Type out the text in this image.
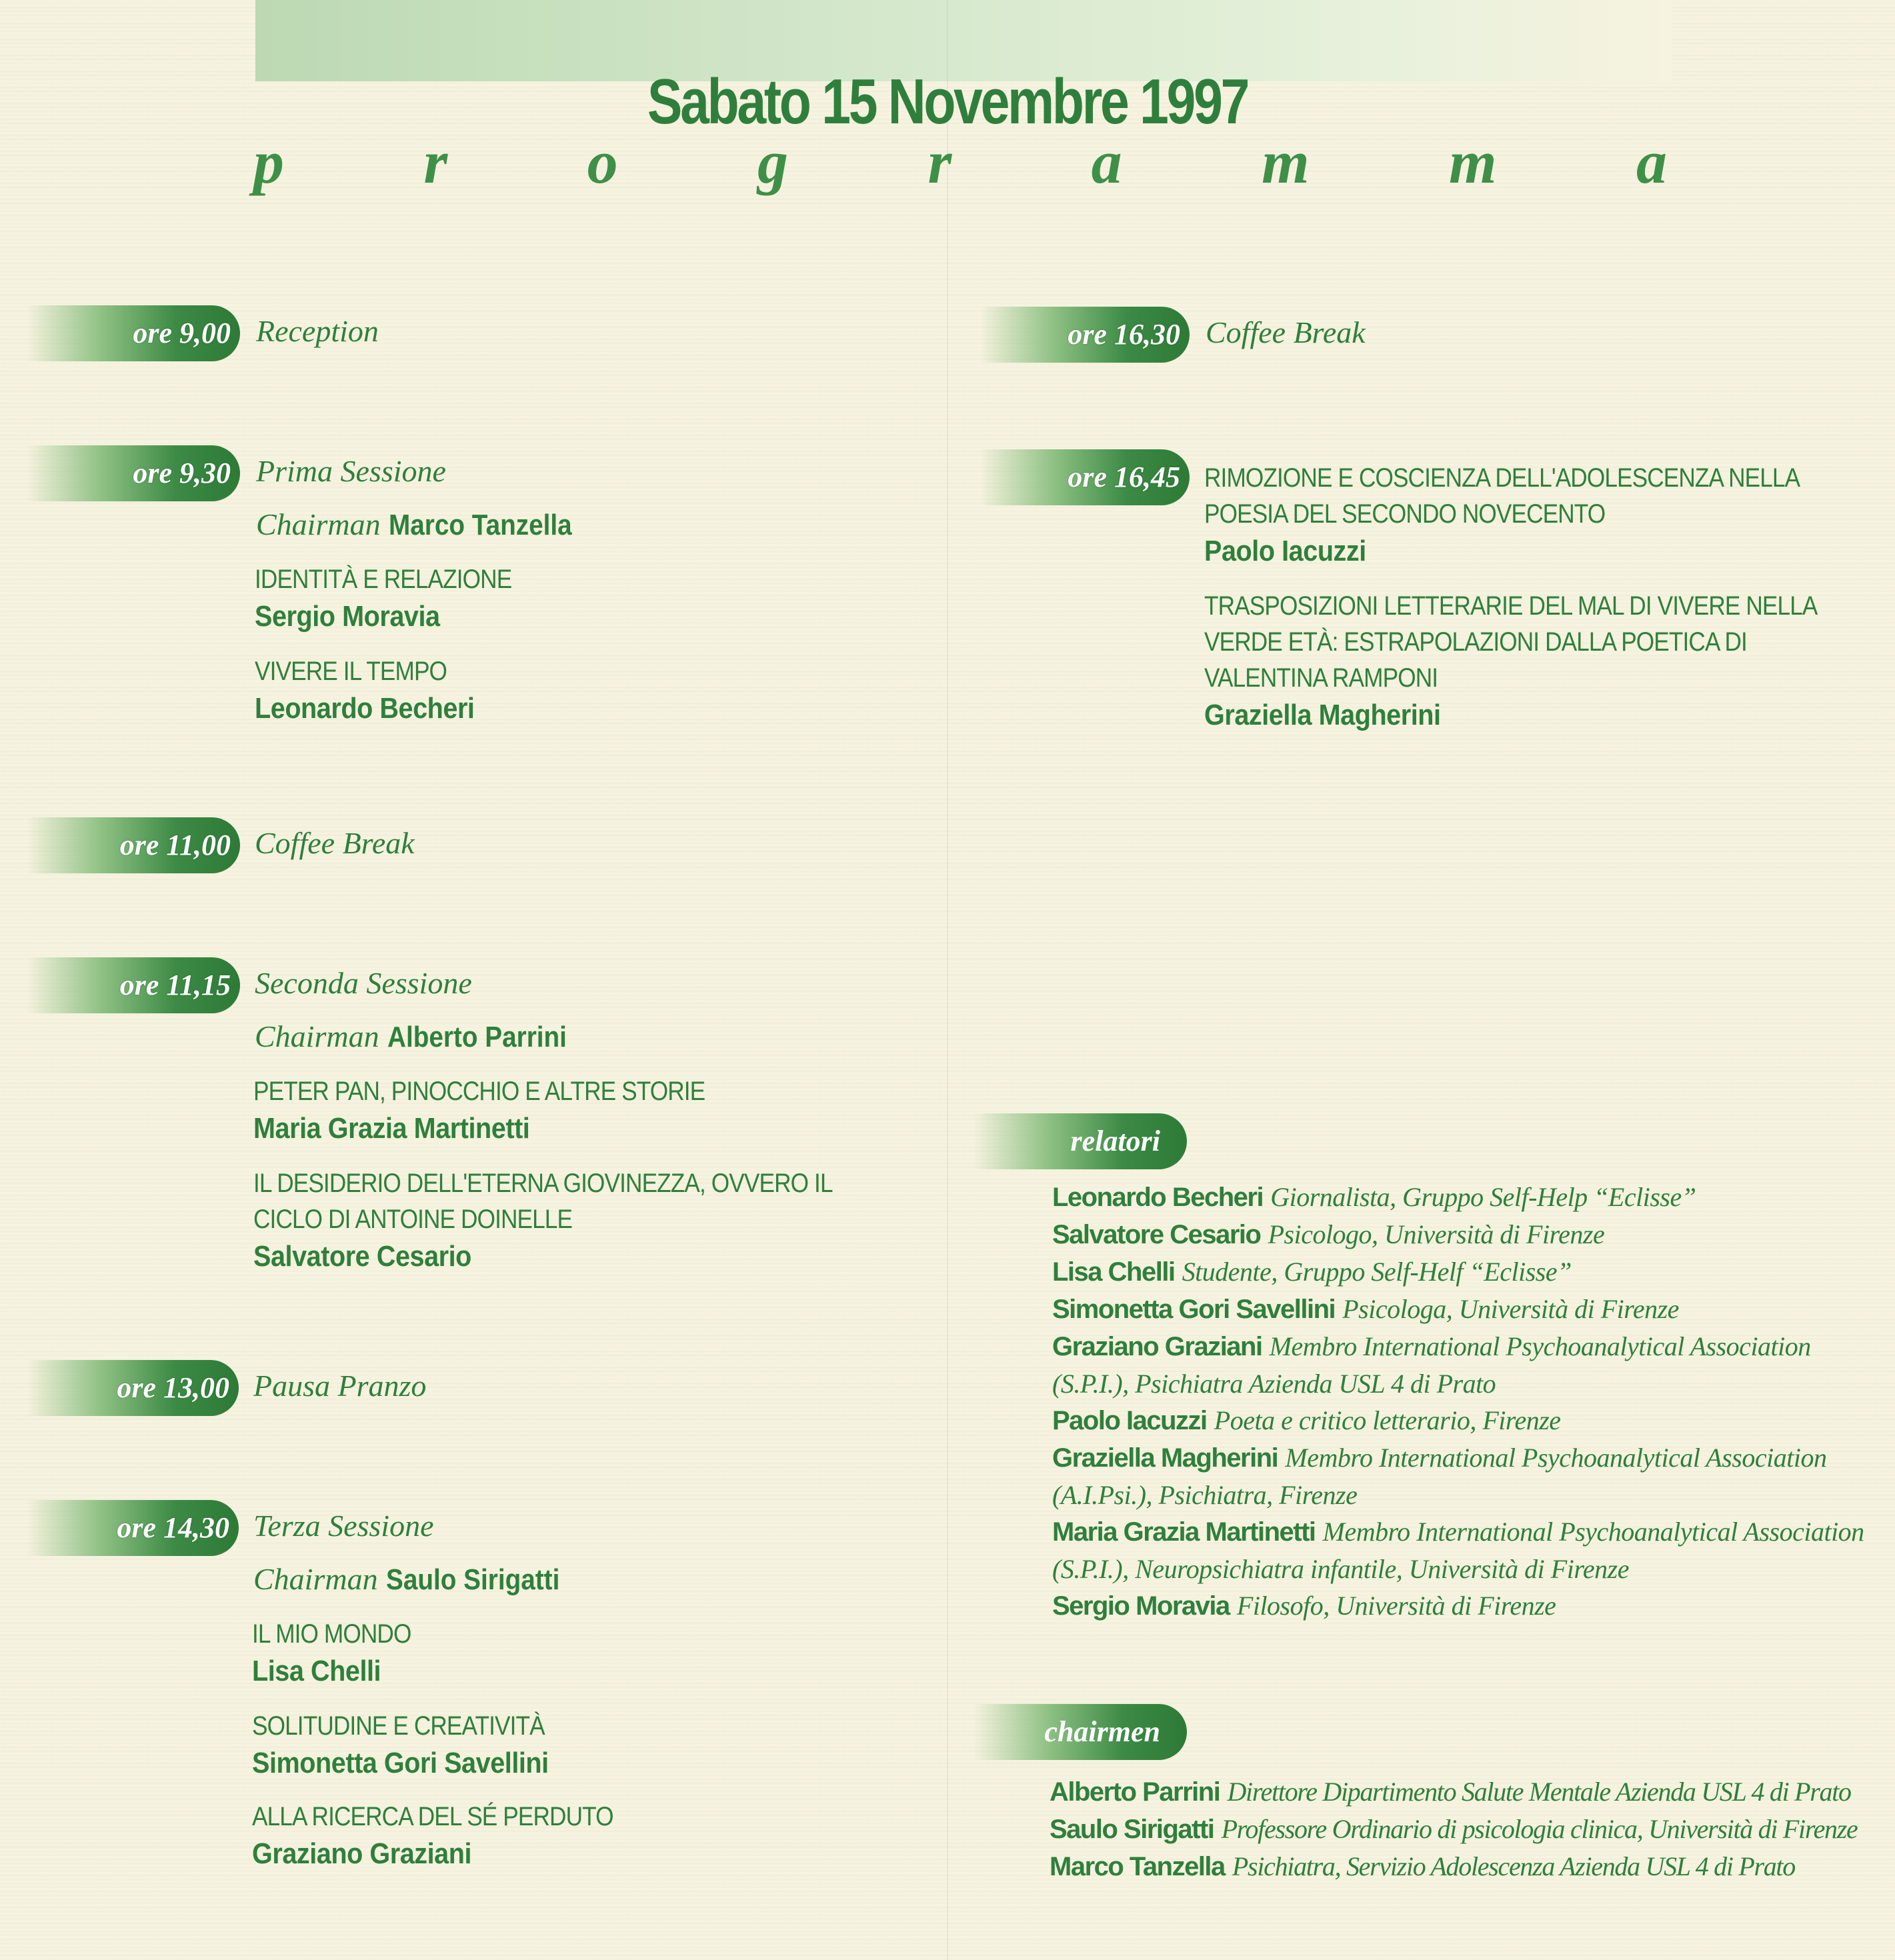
Sabato 15 Novembre 1997
p r o g r a m m a
ore 9,00 Reception
ore 9,30 Prima Sessione
Chairman Marco Tanzella
IDENTITÀ E RELAZIONE
Sergio Moravia
VIVERE IL TEMPO
Leonardo Becheri
ore 11,00 Coffee Break
ore 11,15 Seconda Sessione
Chairman Alberto Parrini
PETER PAN, PINOCCHIO E ALTRE STORIE
Maria Grazia Martinetti
IL DESIDERIO DELL'ETERNA GIOVINEZZA, OVVERO IL
CICLO DI ANTOINE DOINELLE
Salvatore Cesario
ore 13,00 Pausa Pranzo
ore 14,30 Terza Sessione
Chairman Saulo Sirigatti
IL MIO MONDO
Lisa Chelli
SOLITUDINE E CREATIVITÀ
Simonetta Gori Savellini
ALLA RICERCA DEL SÉ PERDUTO
Graziano Graziani
ore 16,30 Coffee Break
ore 16,45 RIMOZIONE E COSCIENZA DELL'ADOLESCENZA NELLA
POESIA DEL SECONDO NOVECENTO
Paolo Iacuzzi
TRASPOSIZIONI LETTERARIE DEL MAL DI VIVERE NELLA
VERDE ETÀ: ESTRAPOLAZIONI DALLA POETICA DI
VALENTINA RAMPONI
Graziella Magherini
relatori
Leonardo Becheri Giornalista, Gruppo Self-Help “Eclisse”
Salvatore Cesario Psicologo, Università di Firenze
Lisa Chelli Studente, Gruppo Self-Helf “Eclisse”
Simonetta Gori Savellini Psicologa, Università di Firenze
Graziano Graziani Membro International Psychoanalytical Association
(S.P.I.), Psichiatra Azienda USL 4 di Prato
Paolo Iacuzzi Poeta e critico letterario, Firenze
Graziella Magherini Membro International Psychoanalytical Association
(A.I.Psi.), Psichiatra, Firenze
Maria Grazia Martinetti Membro International Psychoanalytical Association
(S.P.I.), Neuropsichiatra infantile, Università di Firenze
Sergio Moravia Filosofo, Università di Firenze
chairmen
Alberto Parrini Direttore Dipartimento Salute Mentale Azienda USL 4 di Prato
Saulo Sirigatti Professore Ordinario di psicologia clinica, Università di Firenze
Marco Tanzella Psichiatra, Servizio Adolescenza Azienda USL 4 di Prato
